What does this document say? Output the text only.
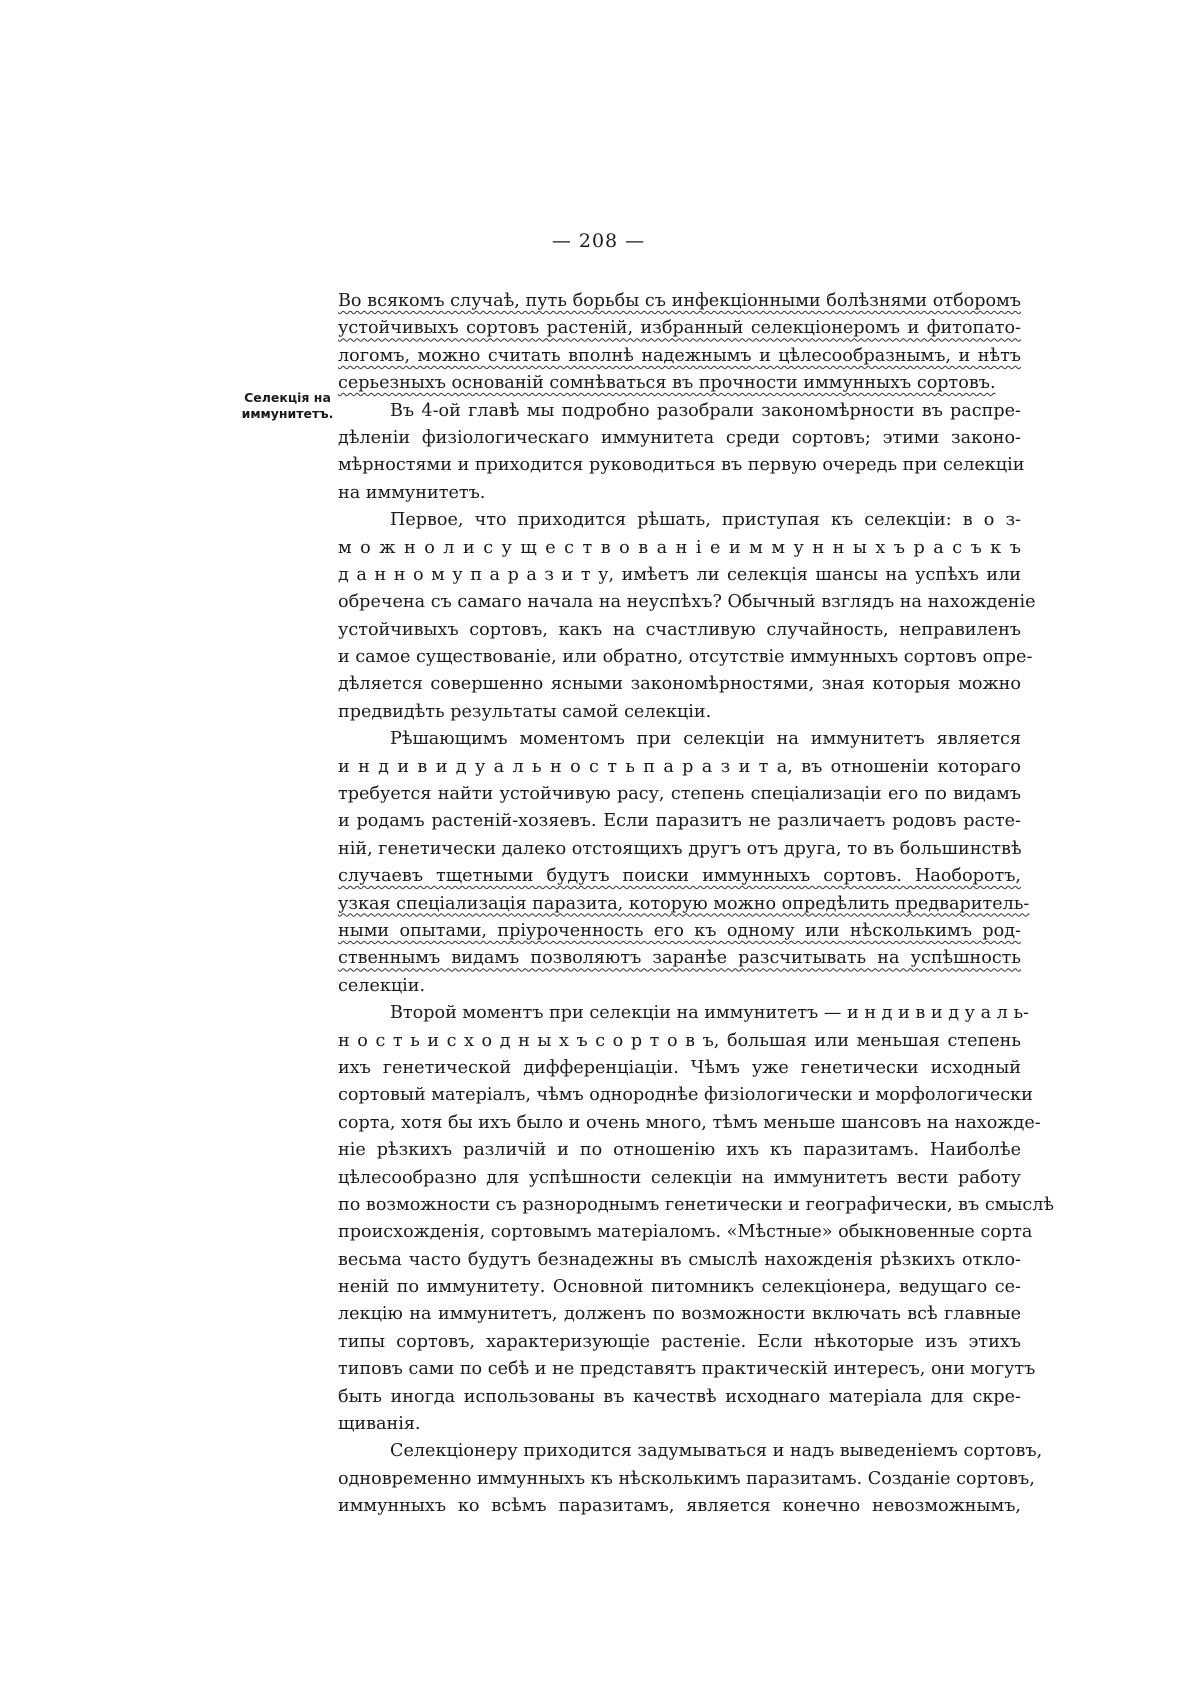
— 208 —
Селекція на иммунитетъ.
Во всякомъ случаѣ, путь борьбы съ инфекціонными болѣзнями отборомъ
устойчивыхъ сортовъ растеній, избранный селекціонеромъ и фитопато-
логомъ, можно считать вполнѣ надежнымъ и цѣлесообразнымъ, и нѣтъ
серьезныхъ основаній сомнѣваться въ прочности иммунныхъ сортовъ.
Въ 4-ой главѣ мы подробно разобрали закономѣрности въ распре-
дѣленіи физіологическаго иммунитета среди сортовъ; этими законо-
мѣрностями и приходится руководиться въ первую очередь при селекціи
на иммунитетъ.
Первое, что приходится рѣшать, приступая къ селекціи: в о з-
м о ж н о л и с у щ е с т в о в а н і е и м м у н н ы х ъ р а с ъ к ъ
д а н н о м у п а р а з и т у, имѣетъ ли селекція шансы на успѣхъ или
обречена съ самаго начала на неуспѣхъ? Обычный взглядъ на нахожденіе
устойчивыхъ сортовъ, какъ на счастливую случайность, неправиленъ
и самое существованіе, или обратно, отсутствіе иммунныхъ сортовъ опре-
дѣляется совершенно ясными закономѣрностями, зная которыя можно
предвидѣть результаты самой селекціи.
Рѣшающимъ моментомъ при селекціи на иммунитетъ является
и н д и в и д у а л ь н о с т ь п а р а з и т а, въ отношеніи котораго
требуется найти устойчивую расу, степень спеціализаціи его по видамъ
и родамъ растеній-хозяевъ. Если паразитъ не различаетъ родовъ расте-
ній, генетически далеко отстоящихъ другъ отъ друга, то въ большинствѣ
случаевъ тщетными будутъ поиски иммунныхъ сортовъ. Наоборотъ,
узкая спеціализація паразита, которую можно опредѣлить предваритель-
ными опытами, пріуроченность его къ одному или нѣсколькимъ род-
ственнымъ видамъ позволяютъ заранѣе разсчитывать на успѣшность
селекціи.
Второй моментъ при селекціи на иммунитетъ — и н д и в и д у а л ь-
н о с т ь и с х о д н ы х ъ с о р т о в ъ, большая или меньшая степень
ихъ генетической дифференціаціи. Чѣмъ уже генетически исходный
сортовый матеріалъ, чѣмъ однороднѣе физіологически и морфологически
сорта, хотя бы ихъ было и очень много, тѣмъ меньше шансовъ на нахожде-
ніе рѣзкихъ различій и по отношенію ихъ къ паразитамъ. Наиболѣе
цѣлесообразно для успѣшности селекціи на иммунитетъ вести работу
по возможности съ разнороднымъ генетически и географически, въ смыслѣ
происхожденія, сортовымъ матеріаломъ. «Мѣстные» обыкновенные сорта
весьма часто будутъ безнадежны въ смыслѣ нахожденія рѣзкихъ откло-
неній по иммунитету. Основной питомникъ селекціонера, ведущаго се-
лекцію на иммунитетъ, долженъ по возможности включать всѣ главные
типы сортовъ, характеризующіе растеніе. Если нѣкоторые изъ этихъ
типовъ сами по себѣ и не представятъ практическій интересъ, они могутъ
быть иногда использованы въ качествѣ исходнаго матеріала для скре-
щиванія.
Селекціонеру приходится задумываться и надъ выведеніемъ сортовъ,
одновременно иммунныхъ къ нѣсколькимъ паразитамъ. Созданіе сортовъ,
иммунныхъ ко всѣмъ паразитамъ, является конечно невозможнымъ,
